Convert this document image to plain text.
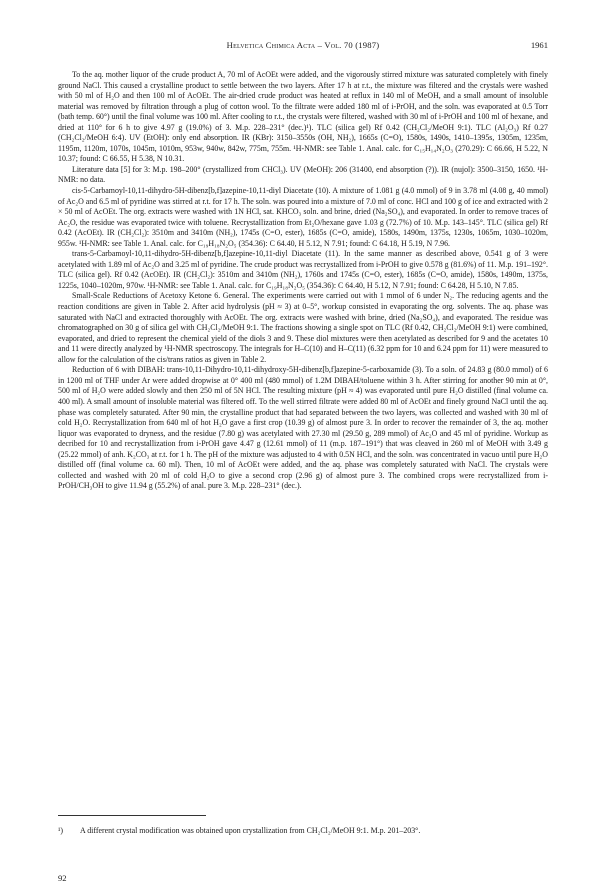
Helvetica Chimica Acta – Vol. 70 (1987)	1961

To the aq. mother liquor of the crude product A, 70 ml of AcOEt were added, and the vigorously stirred mixture was saturated completely with finely ground NaCl. This caused a crystalline product to settle between the two layers. After 17 h at r.t., the mixture was filtered and the crystals were washed with 50 ml of H₂O and then 100 ml of AcOEt. The air-dried crude product was heated at reflux in 140 ml of MeOH, and a small amount of insoluble material was removed by filtration through a plug of cotton wool. To the filtrate were added 180 ml of i-PrOH, and the soln. was evaporated at 0.5 Torr (bath temp. 60°) until the final volume was 100 ml. After cooling to r.t., the crystals were filtered, washed with 30 ml of i-PrOH and 100 ml of hexane, and dried at 110° for 6 h to give 4.97 g (19.0%) of 3. M.p. 228–231° (dec.)¹). TLC (silica gel) Rf 0.42 (CH₂Cl₂/MeOH 9:1). TLC (Al₂O₃) Rf 0.27 (CH₂Cl₂/MeOH 6:4). UV (EtOH): only end absorption. IR (KBr): 3150–3550s (OH, NH₂), 1665s (C=O), 1580s, 1490s, 1410–1395s, 1305m, 1235m, 1195m, 1120m, 1070s, 1045m, 1010m, 953w, 940w, 842w, 775m, 755m. ¹H-NMR: see Table 1. Anal. calc. for C₁₅H₁₄N₂O₃ (270.29): C 66.66, H 5.22, N 10.37; found: C 66.55, H 5.38, N 10.31.

Literature data [5] for 3: M.p. 198–200° (crystallized from CHCl₃). UV (MeOH): 206 (31400, end absorption (?)). IR (nujol): 3500–3150, 1650. ¹H-NMR: no data.

cis-5-Carbamoyl-10,11-dihydro-5H-dibenz[b,f]azepine-10,11-diyl Diacetate (10). A mixture of 1.081 g (4.0 mmol) of 9 in 3.78 ml (4.08 g, 40 mmol) of Ac₂O and 6.5 ml of pyridine was stirred at r.t. for 17 h. The soln. was poured into a mixture of 7.0 ml of conc. HCl and 100 g of ice and extracted with 2 × 50 ml of AcOEt. The org. extracts were washed with 1N HCl, sat. KHCO₃ soln. and brine, dried (Na₂SO₄), and evaporated. In order to remove traces of Ac₂O, the residue was evaporated twice with toluene. Recrystallization from Et₂O/hexane gave 1.03 g (72.7%) of 10. M.p. 143–145°. TLC (silica gel) Rf 0.42 (AcOEt). IR (CH₂Cl₂): 3510m and 3410m (NH₂), 1745s (C=O, ester), 1685s (C=O, amide), 1580s, 1490m, 1375s, 1230s, 1065m, 1030–1020m, 955w. ¹H-NMR: see Table 1. Anal. calc. for C₁₉H₁₈N₂O₅ (354.36): C 64.40, H 5.12, N 7.91; found: C 64.18, H 5.19, N 7.96.

trans-5-Carbamoyl-10,11-dihydro-5H-dibenz[b,f]azepine-10,11-diyl Diacetate (11). In the same manner as described above, 0.541 g of 3 were acetylated with 1.89 ml of Ac₂O and 3.25 ml of pyridine. The crude product was recrystallized from i-PrOH to give 0.578 g (81.6%) of 11. M.p. 191–192°. TLC (silica gel). Rf 0.42 (AcOEt). IR (CH₂Cl₂): 3510m and 3410m (NH₂), 1760s and 1745s (C=O, ester), 1685s (C=O, amide), 1580s, 1490m, 1375s, 1225s, 1040–1020m, 970w. ¹H-NMR: see Table 1. Anal. calc. for C₁₉H₁₈N₂O₅ (354.36): C 64.40, H 5.12, N 7.91; found: C 64.28, H 5.10, N 7.85.

Small-Scale Reductions of Acetoxy Ketone 6. General. The experiments were carried out with 1 mmol of 6 under N₂. The reducing agents and the reaction conditions are given in Table 2. After acid hydrolysis (pH ≈ 3) at 0–5°, workup consisted in evaporating the org. solvents. The aq. phase was saturated with NaCl and extracted thoroughly with AcOEt. The org. extracts were washed with brine, dried (Na₂SO₄), and evaporated. The residue was chromatographed on 30 g of silica gel with CH₂Cl₂/MeOH 9:1. The fractions showing a single spot on TLC (Rf 0.42, CH₂Cl₂/MeOH 9:1) were combined, evaporated, and dried to represent the chemical yield of the diols 3 and 9. These diol mixtures were then acetylated as described for 9 and the acetates 10 and 11 were directly analyzed by ¹H-NMR spectroscopy. The integrals for H–C(10) and H–C(11) (6.32 ppm for 10 and 6.24 ppm for 11) were measured to allow for the calculation of the cis/trans ratios as given in Table 2.

Reduction of 6 with DIBAH: trans-10,11-Dihydro-10,11-dihydroxy-5H-dibenz[b,f]azepine-5-carboxamide (3). To a soln. of 24.83 g (80.0 mmol) of 6 in 1200 ml of THF under Ar were added dropwise at 0° 400 ml (480 mmol) of 1.2M DIBAH/toluene within 3 h. After stirring for another 90 min at 0°, 500 ml of H₂O were added slowly and then 250 ml of 5N HCl. The resulting mixture (pH ≈ 4) was evaporated until pure H₂O distilled (final volume ca. 400 ml). A small amount of insoluble material was filtered off. To the well stirred filtrate were added 80 ml of AcOEt and finely ground NaCl until the aq. phase was completely saturated. After 90 min, the crystalline product that had separated between the two layers, was collected and washed with 30 ml of cold H₂O. Recrystallization from 640 ml of hot H₂O gave a first crop (10.39 g) of almost pure 3. In order to recover the remainder of 3, the aq. mother liquor was evaporated to dryness, and the residue (7.80 g) was acetylated with 27.30 ml (29.50 g, 289 mmol) of Ac₂O and 45 ml of pyridine. Workup as decribed for 10 and recrystallization from i-PrOH gave 4.47 g (12.61 mmol) of 11 (m.p. 187–191°) that was cleaved in 260 ml of MeOH with 3.49 g (25.22 mmol) of anh. K₂CO₃ at r.t. for 1 h. The pH of the mixture was adjusted to 4 with 0.5N HCl, and the soln. was concentrated in vacuo until pure H₂O distilled off (final volume ca. 60 ml). Then, 10 ml of AcOEt were added, and the aq. phase was completely saturated with NaCl. The crystals were collected and washed with 20 ml of cold H₂O to give a second crop (2.96 g) of almost pure 3. The combined crops were recrystallized from i-PrOH/CH₃OH to give 11.94 g (55.2%) of anal. pure 3. M.p. 228–231° (dec.).

¹) A different crystal modification was obtained upon crystallization from CH₂Cl₂/MeOH 9:1. M.p. 201–203°.
92
